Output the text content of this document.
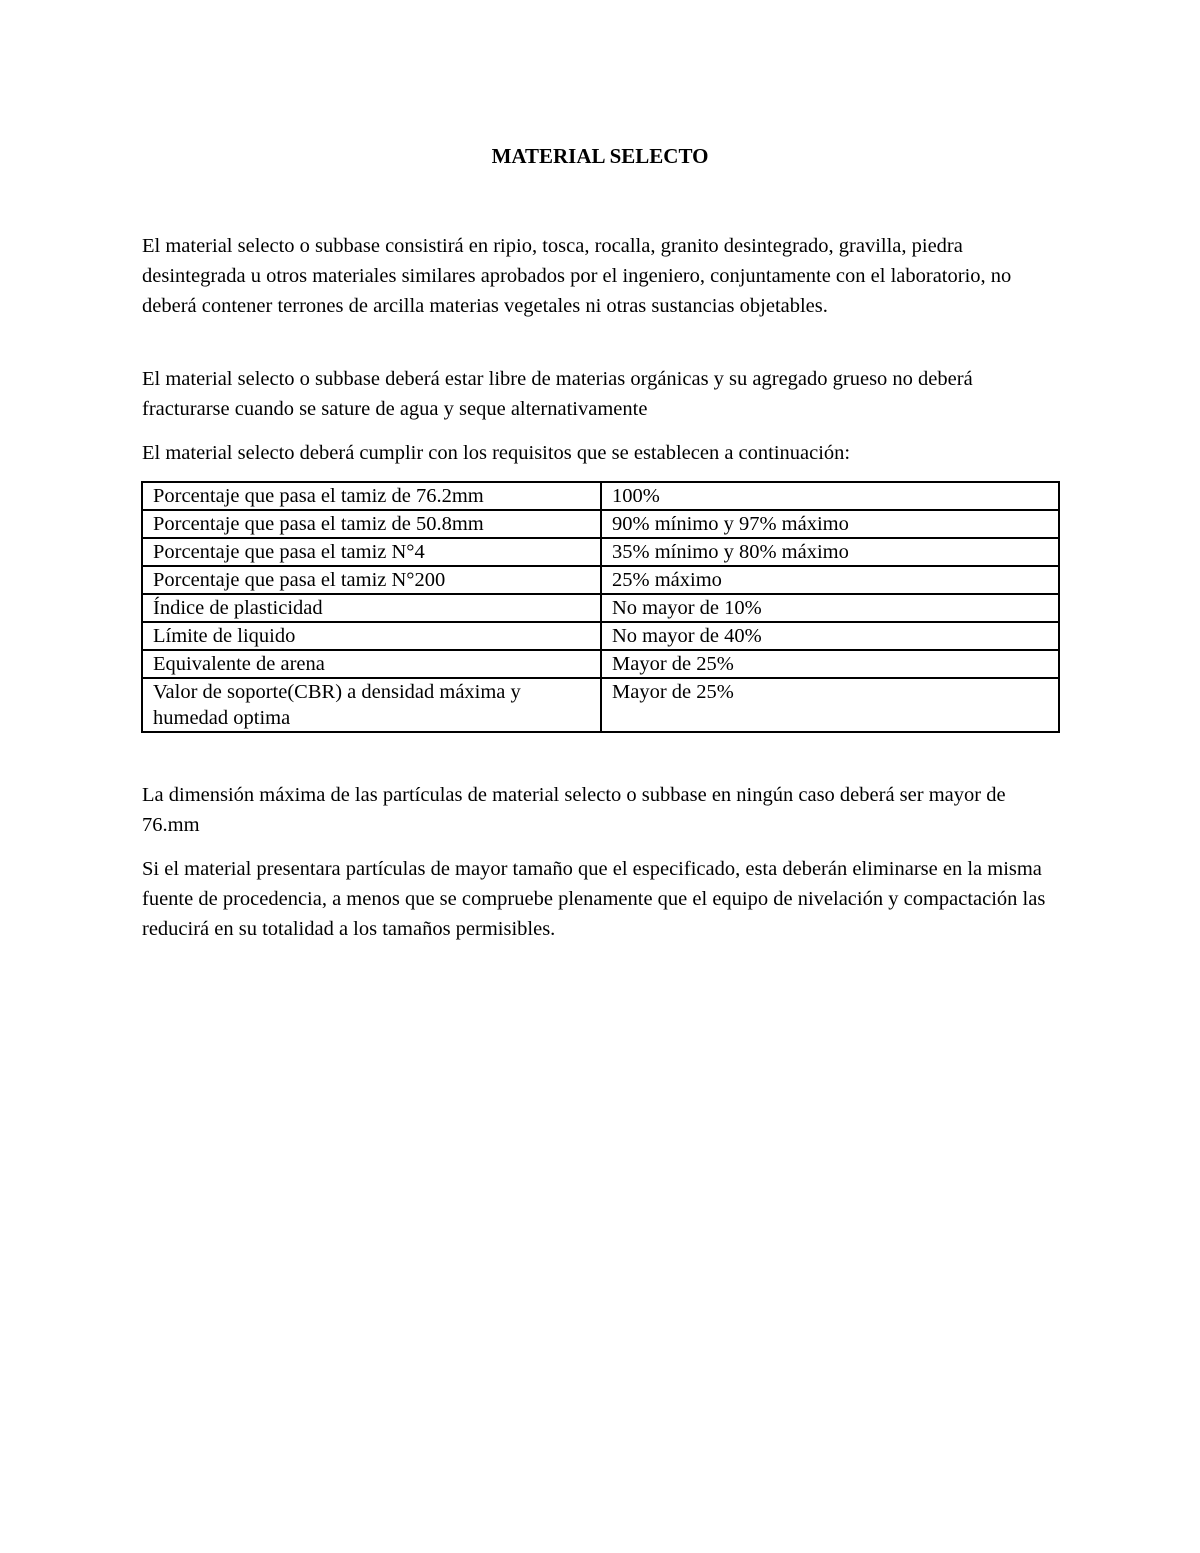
MATERIAL SELECTO

El material selecto o subbase consistirá en ripio, tosca, rocalla, granito desintegrado, gravilla, piedra desintegrada u otros materiales similares aprobados por el ingeniero, conjuntamente con el laboratorio, no deberá contener terrones de arcilla materias vegetales ni otras sustancias objetables.

El material selecto o subbase deberá estar libre de materias orgánicas y su agregado grueso no deberá fracturarse cuando se sature de agua y seque alternativamente

El material selecto deberá cumplir con los requisitos que se establecen a continuación:

Porcentaje que pasa el tamiz de 76.2mm	100%
Porcentaje que pasa el tamiz de 50.8mm	90% mínimo y 97% máximo
Porcentaje que pasa el tamiz N°4	35% mínimo y 80% máximo
Porcentaje que pasa el tamiz N°200	25% máximo
Índice de plasticidad	No mayor de 10%
Límite de liquido	No mayor de 40%
Equivalente de arena	Mayor de 25%
Valor de soporte(CBR) a densidad máxima y humedad optima	Mayor de 25%

La dimensión máxima de las partículas de material selecto o subbase en ningún caso deberá ser mayor de 76.mm

Si el material presentara partículas de mayor tamaño que el especificado, esta deberán eliminarse en la misma fuente de procedencia, a menos que se compruebe plenamente que el equipo de nivelación y compactación las reducirá en su totalidad a los tamaños permisibles.
